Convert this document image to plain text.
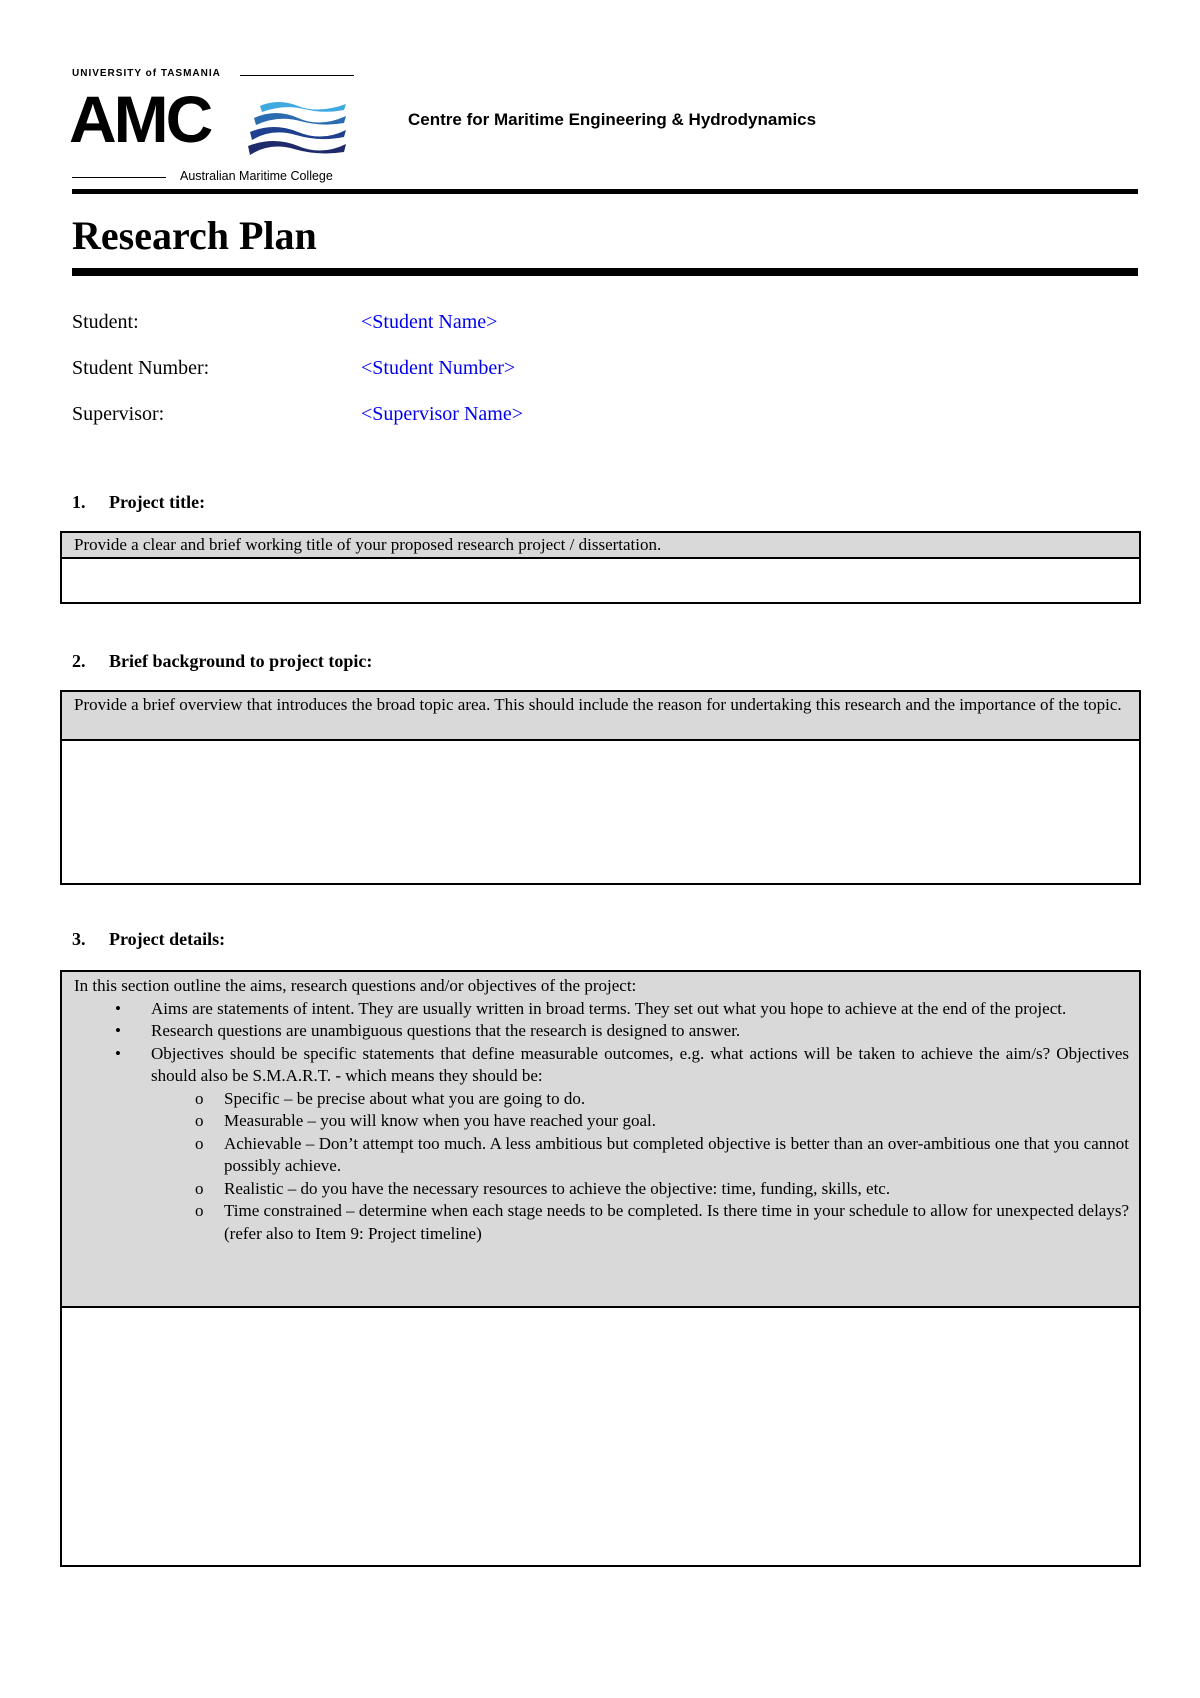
UNIVERSITY of TASMANIA
AMC
Australian Maritime College
Centre for Maritime Engineering & Hydrodynamics
Research Plan
Student:	<Student Name>
Student Number:	<Student Number>
Supervisor:	<Supervisor Name>
1. Project title:

Provide a clear and brief working title of your proposed research project / dissertation.

2. Brief background to project topic:

Provide a brief overview that introduces the broad topic area. This should include the reason for undertaking this research and the importance of the topic.

3. Project details:

In this section outline the aims, research questions and/or objectives of the project:

• Aims are statements of intent. They are usually written in broad terms. They set out what you hope to achieve at the end of the project.
• Research questions are unambiguous questions that the research is designed to answer.
• Objectives should be specific statements that define measurable outcomes, e.g. what actions will be taken to achieve the aim/s? Objectives should also be S.M.A.R.T. - which means they should be:
o Specific – be precise about what you are going to do.
o Measurable – you will know when you have reached your goal.
o Achievable – Don’t attempt too much. A less ambitious but completed objective is better than an over-ambitious one that you cannot possibly achieve.
o Realistic – do you have the necessary resources to achieve the objective: time, funding, skills, etc.
o Time constrained – determine when each stage needs to be completed. Is there time in your schedule to allow for unexpected delays? (refer also to Item 9: Project timeline)
